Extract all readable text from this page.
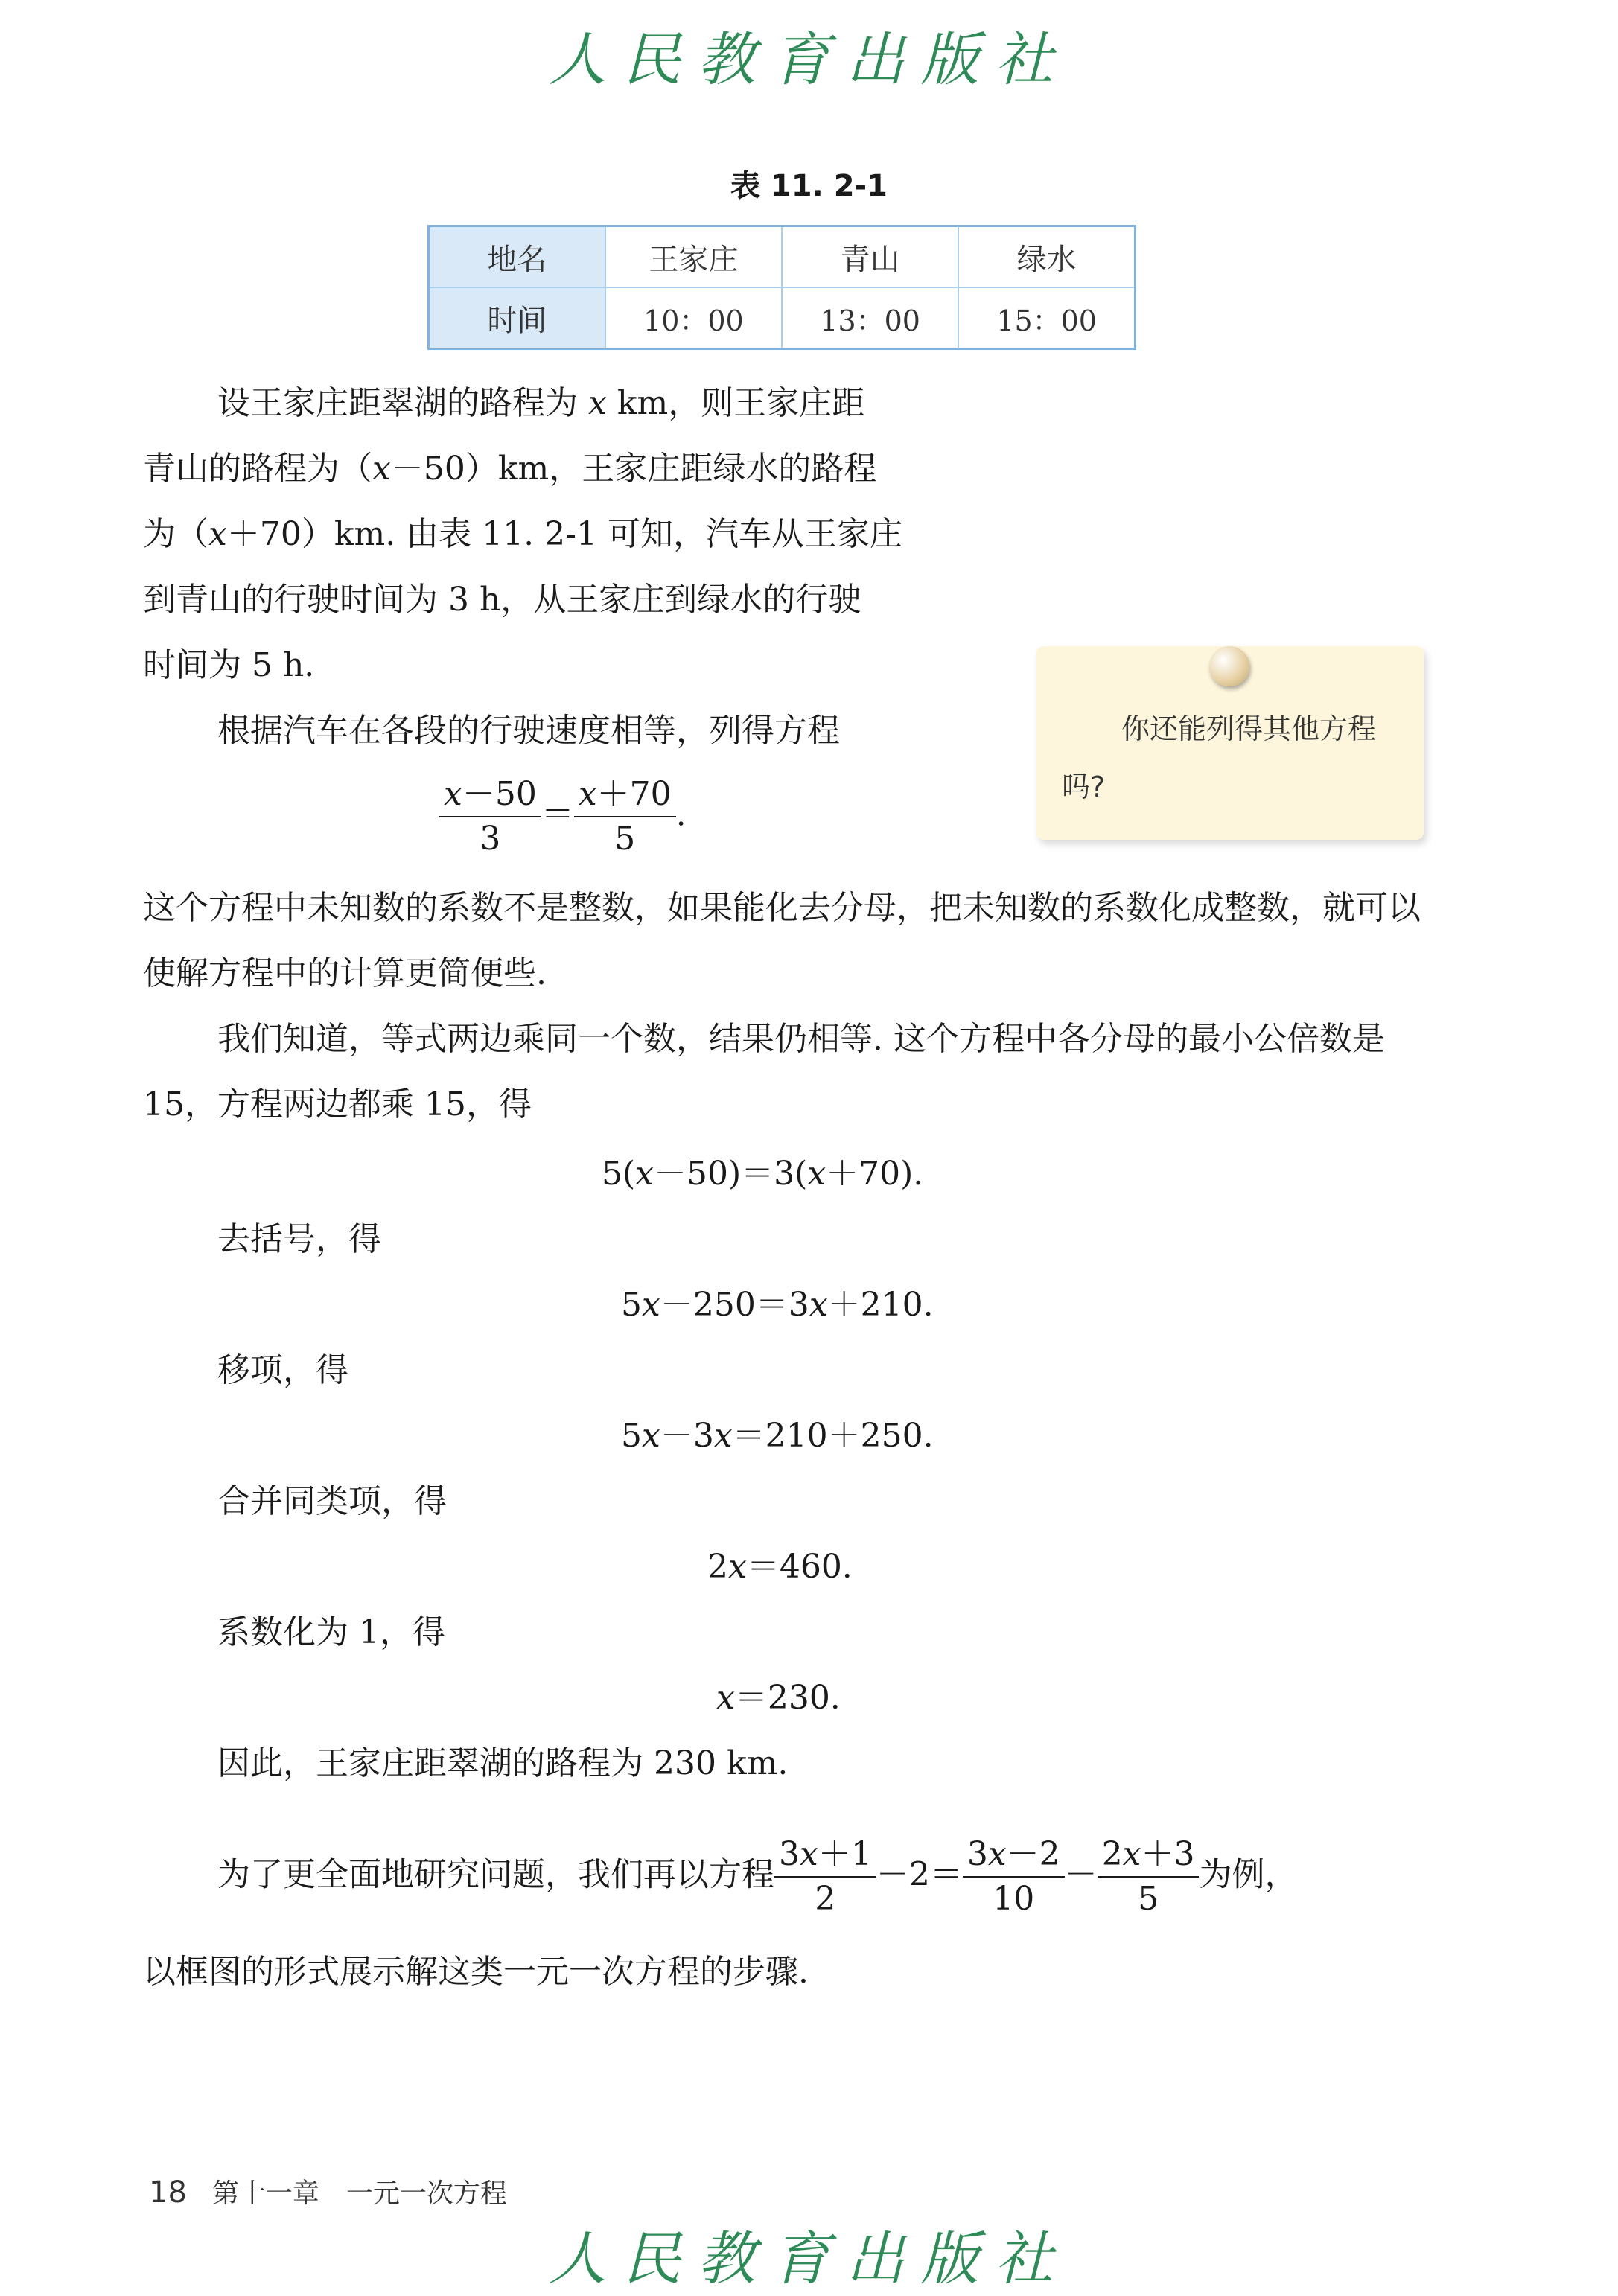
人民教育出版社
表 11. 2-1
地名	王家庄	青山	绿水
时间	10：00	13：00	15：00
设王家庄距翠湖的路程为 x km，则王家庄距
青山的路程为（x－50）km，王家庄距绿水的路程
为（x＋70）km. 由表 11. 2-1 可知，汽车从王家庄
到青山的行驶时间为 3 h，从王家庄到绿水的行驶
时间为 5 h.
根据汽车在各段的行驶速度相等，列得方程
$\frac{x-50}{3} = \frac{x+70}{5}$ .
你还能列得其他方程吗?
这个方程中未知数的系数不是整数，如果能化去分母，把未知数的系数化成整数，就可以使解方程中的计算更简便些.
我们知道，等式两边乘同一个数，结果仍相等. 这个方程中各分母的最小公倍数是 15，方程两边都乘 15，得
5(x－50)＝3(x＋70).
去括号，得
5x－250＝3x＋210.
移项，得
5x－3x＝210＋250.
合并同类项，得
2x＝460.
系数化为 1，得
x＝230.
因此，王家庄距翠湖的路程为 230 km.
为了更全面地研究问题，我们再以方程 $\frac{3x+1}{2} -2= \frac{3x-2}{10} - \frac{2x+3}{5}$ 为例，
以框图的形式展示解这类一元一次方程的步骤.
18 第十一章　一元一次方程
人民教育出版社
